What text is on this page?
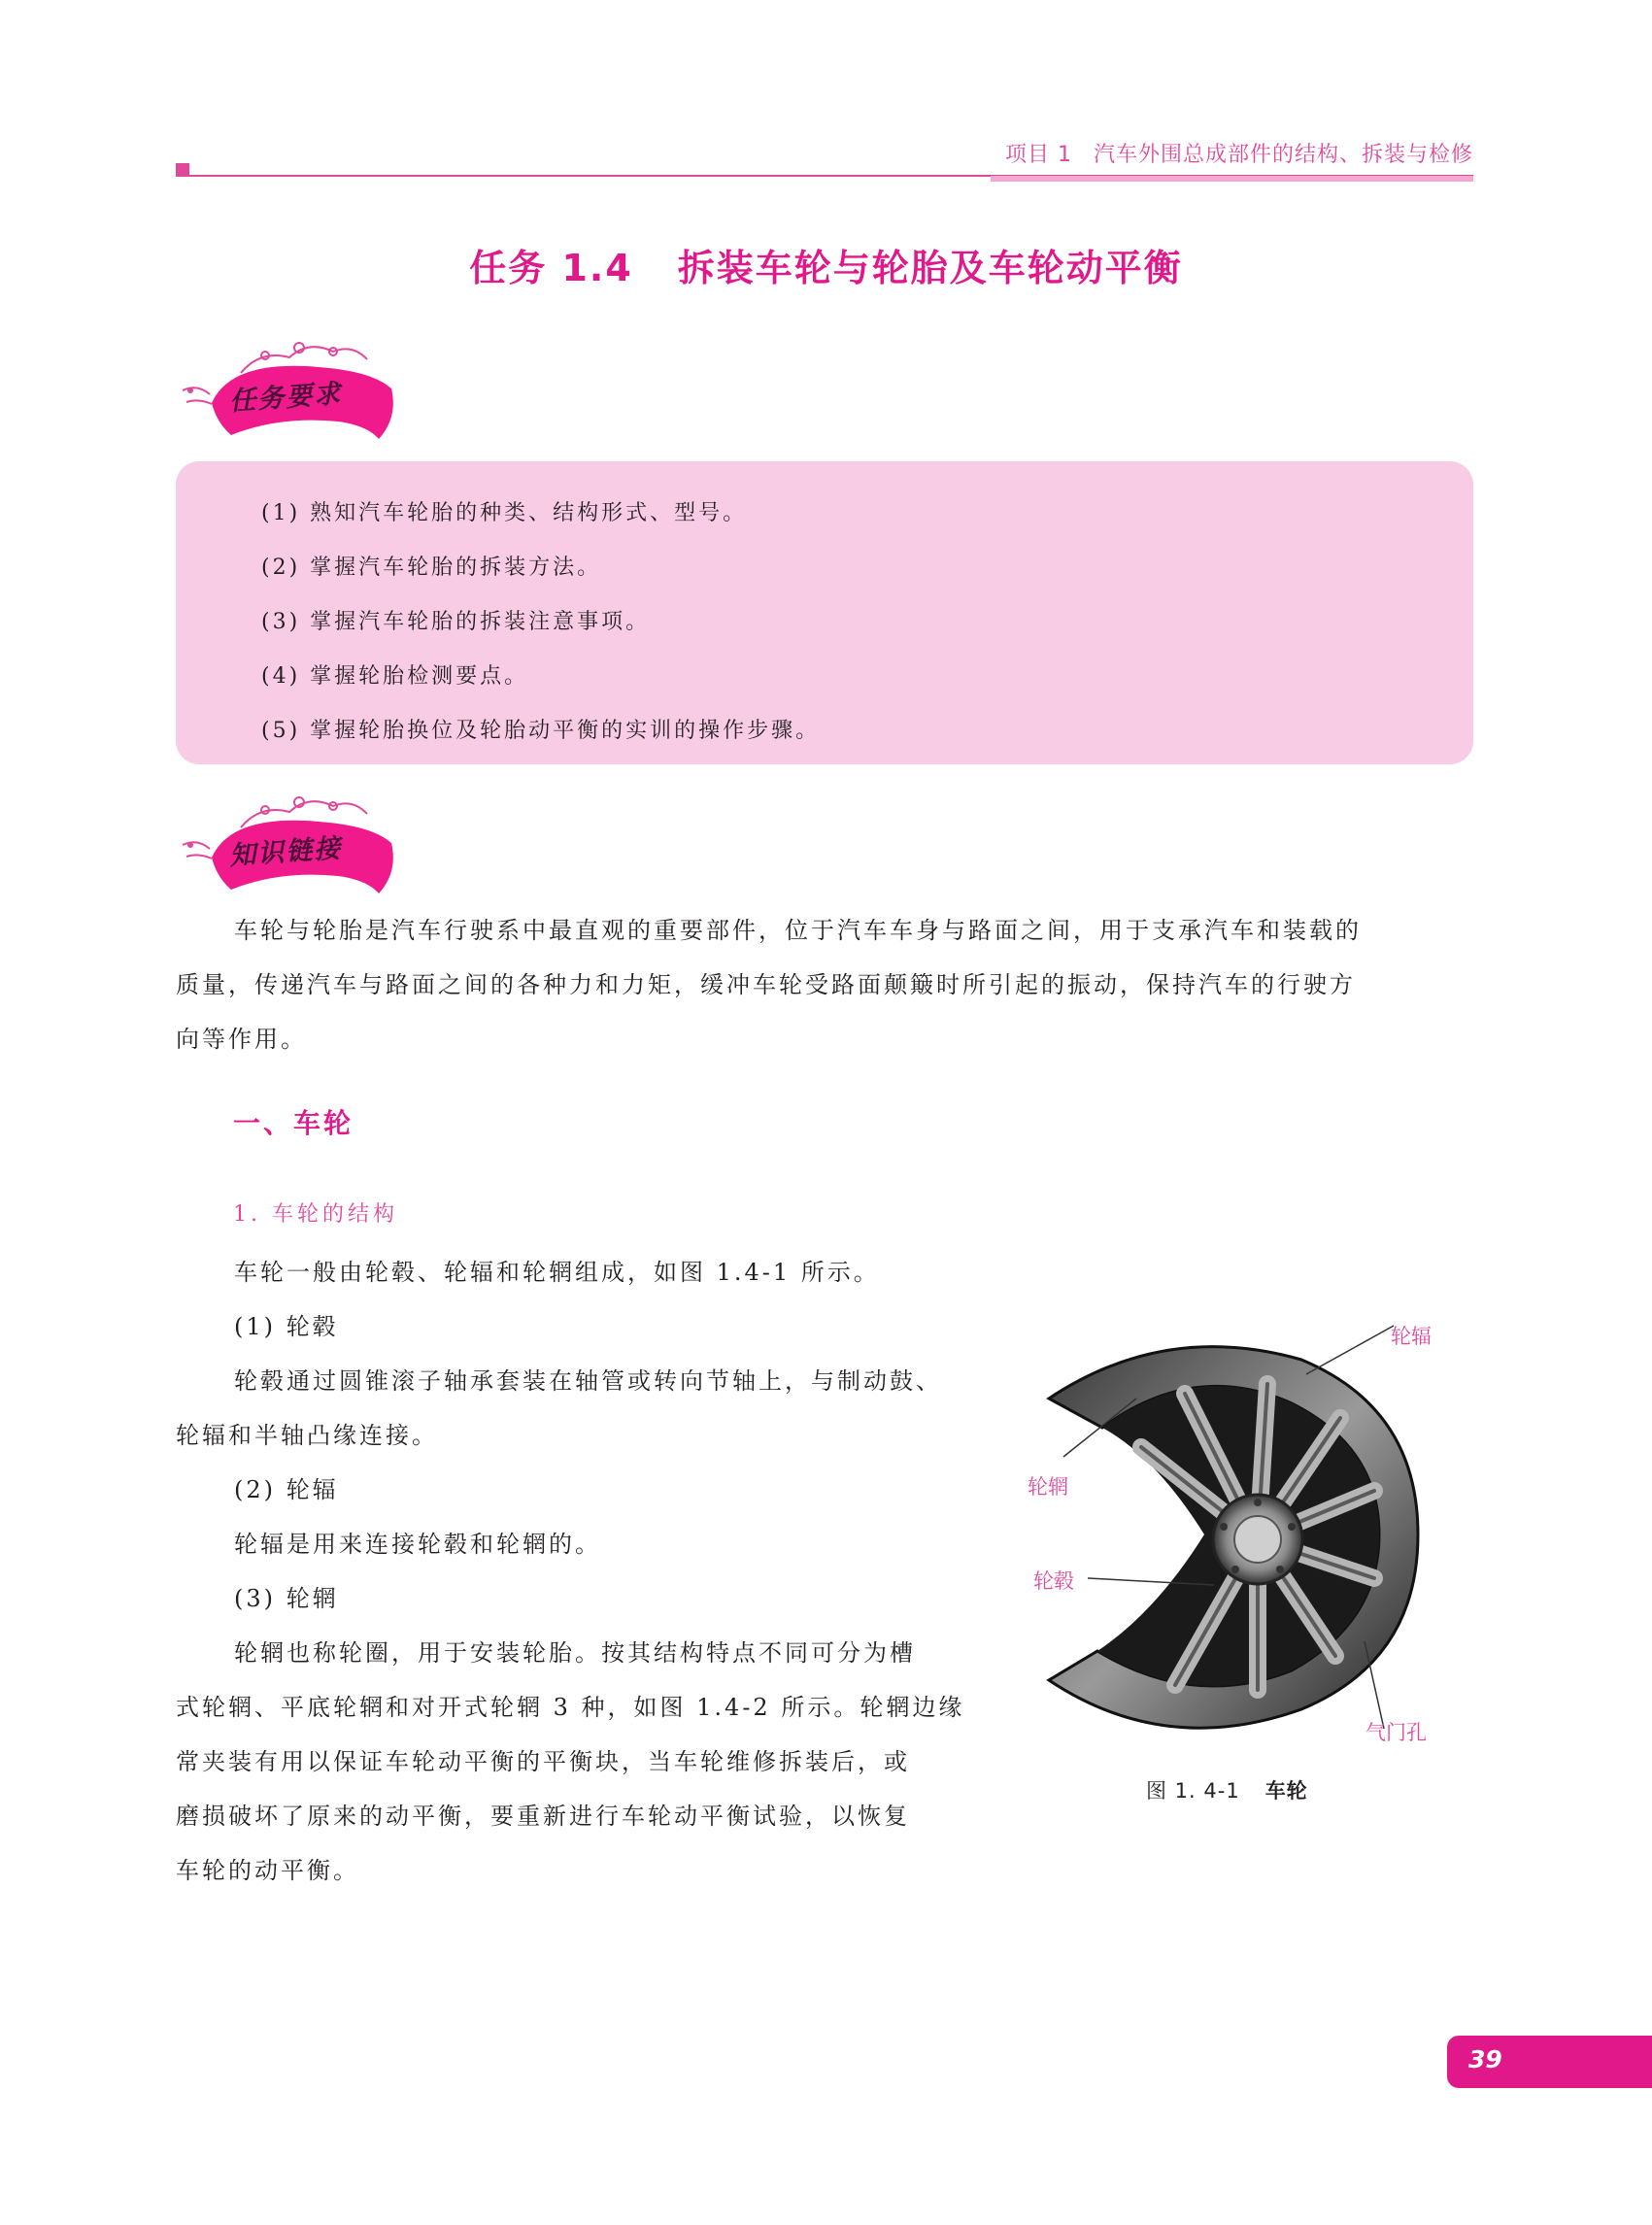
项目 1 汽车外围总成部件的结构、拆装与检修
任务 1.4 拆装车轮与轮胎及车轮动平衡
任务要求
(1) 熟知汽车轮胎的种类、结构形式、型号。
(2) 掌握汽车轮胎的拆装方法。
(3) 掌握汽车轮胎的拆装注意事项。
(4) 掌握轮胎检测要点。
(5) 掌握轮胎换位及轮胎动平衡的实训的操作步骤。
知识链接
车轮与轮胎是汽车行驶系中最直观的重要部件，位于汽车车身与路面之间，用于支承汽车和装载的
质量，传递汽车与路面之间的各种力和力矩，缓冲车轮受路面颠簸时所引起的振动，保持汽车的行驶方
向等作用。
一、车轮
1. 车轮的结构
车轮一般由轮毂、轮辐和轮辋组成，如图 1.4-1 所示。
(1) 轮毂
轮毂通过圆锥滚子轴承套装在轴管或转向节轴上，与制动鼓、
轮辐和半轴凸缘连接。
(2) 轮辐
轮辐是用来连接轮毂和轮辋的。
(3) 轮辋
轮辋也称轮圈，用于安装轮胎。按其结构特点不同可分为槽
式轮辋、平底轮辋和对开式轮辋 3 种，如图 1.4-2 所示。轮辋边缘
常夹装有用以保证车轮动平衡的平衡块，当车轮维修拆装后，或
磨损破坏了原来的动平衡，要重新进行车轮动平衡试验，以恢复
车轮的动平衡。
轮辐
轮辋
轮毂
气门孔
图 1. 4-1 车轮
39
